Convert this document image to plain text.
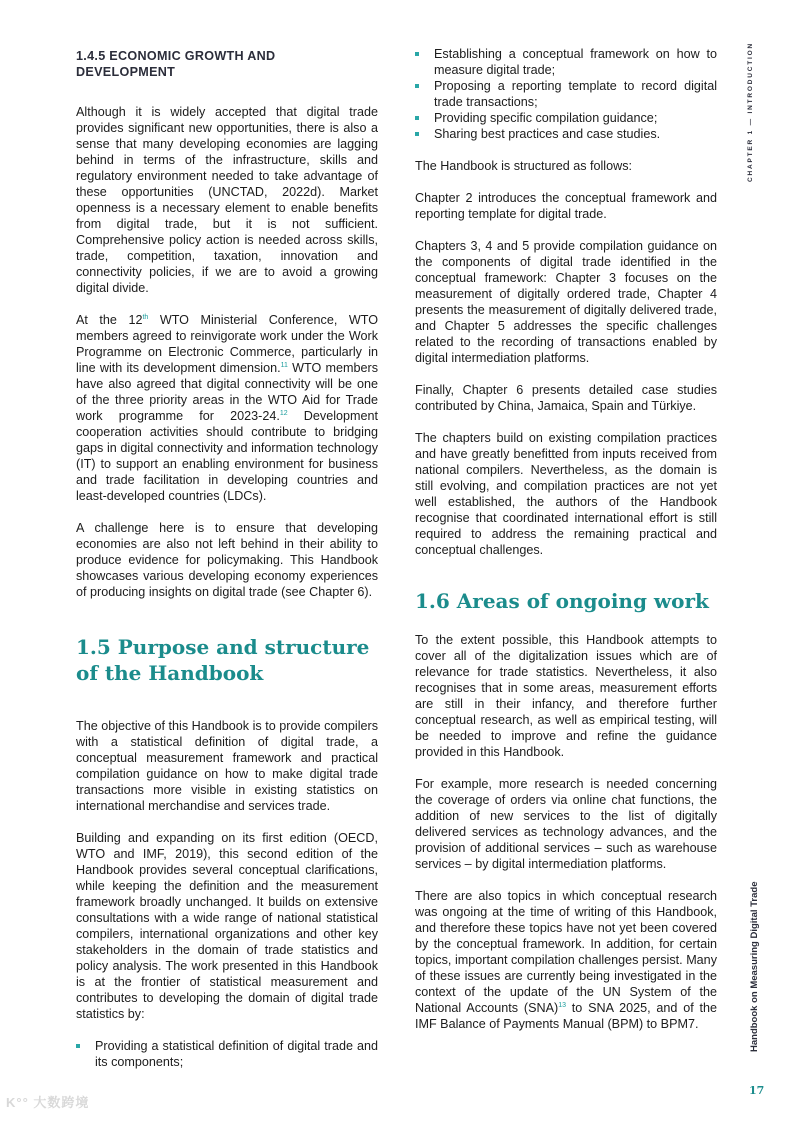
1.4.5 ECONOMIC GROWTH AND DEVELOPMENT

Although it is widely accepted that digital trade provides significant new opportunities, there is also a sense that many developing economies are lagging behind in terms of the infrastructure, skills and regulatory environment needed to take advantage of these opportunities (UNCTAD, 2022d). Market openness is a necessary element to enable benefits from digital trade, but it is not sufficient. Comprehensive policy action is needed across skills, trade, competition, taxation, innovation and connectivity policies, if we are to avoid a growing digital divide.

At the 12th WTO Ministerial Conference, WTO members agreed to reinvigorate work under the Work Programme on Electronic Commerce, particularly in line with its development dimension.$^{11}$ WTO members have also agreed that digital connectivity will be one of the three priority areas in the WTO Aid for Trade work programme for 2023-24.12 Development cooperation activities should contribute to bridging gaps in digital connectivity and information technology (IT) to support an enabling environment for business and trade facilitation in developing countries and least-developed countries (LDCs).

A challenge here is to ensure that developing economies are also not left behind in their ability to produce evidence for policymaking. This Handbook showcases various developing economy experiences of producing insights on digital trade (see Chapter 6).

1.5 Purpose and structure of the Handbook

The objective of this Handbook is to provide compilers with a statistical definition of digital trade, a conceptual measurement framework and practical compilation guidance on how to make digital trade transactions more visible in existing statistics on international merchandise and services trade.

Building and expanding on its first edition (OECD, WTO and IMF, 2019), this second edition of the Handbook provides several conceptual clarifications, while keeping the definition and the measurement framework broadly unchanged. It builds on extensive consultations with a wide range of national statistical compilers, international organizations and other key stakeholders in the domain of trade statistics and policy analysis. The work presented in this Handbook is at the frontier of statistical measurement and contributes to developing the domain of digital trade statistics by:

Providing a statistical definition of digital trade and its components;
Establishing a conceptual framework on how to measure digital trade;
Proposing a reporting template to record digital trade transactions;
Providing specific compilation guidance;
Sharing best practices and case studies.

The Handbook is structured as follows:

Chapter 2 introduces the conceptual framework and reporting template for digital trade.

Chapters 3, 4 and 5 provide compilation guidance on the components of digital trade identified in the conceptual framework: Chapter 3 focuses on the measurement of digitally ordered trade, Chapter 4 presents the measurement of digitally delivered trade, and Chapter 5 addresses the specific challenges related to the recording of transactions enabled by digital intermediation platforms.

Finally, Chapter 6 presents detailed case studies contributed by China, Jamaica, Spain and Türkiye.

The chapters build on existing compilation practices and have greatly benefitted from inputs received from national compilers. Nevertheless, as the domain is still evolving, and compilation practices are not yet well established, the authors of the Handbook recognise that coordinated international effort is still required to address the remaining practical and conceptual challenges.

1.6 Areas of ongoing work

To the extent possible, this Handbook attempts to cover all of the digitalization issues which are of relevance for trade statistics. Nevertheless, it also recognises that in some areas, measurement efforts are still in their infancy, and therefore further conceptual research, as well as empirical testing, will be needed to improve and refine the guidance provided in this Handbook.

For example, more research is needed concerning the coverage of orders via online chat functions, the addition of new services to the list of digitally delivered services as technology advances, and the provision of additional services – such as warehouse services – by digital intermediation platforms.

There are also topics in which conceptual research was ongoing at the time of writing of this Handbook, and therefore these topics have not yet been covered by the conceptual framework. In addition, for certain topics, important compilation challenges persist. Many of these issues are currently being investigated in the context of the update of the UN System of the National Accounts (SNA)$^{13}$ to SNA 2025, and of the IMF Balance of Payments Manual (BPM) to BPM7.

CHAPTER 1 — INTRODUCTION
Handbook on Measuring Digital Trade
17
K°° 大数跨境
